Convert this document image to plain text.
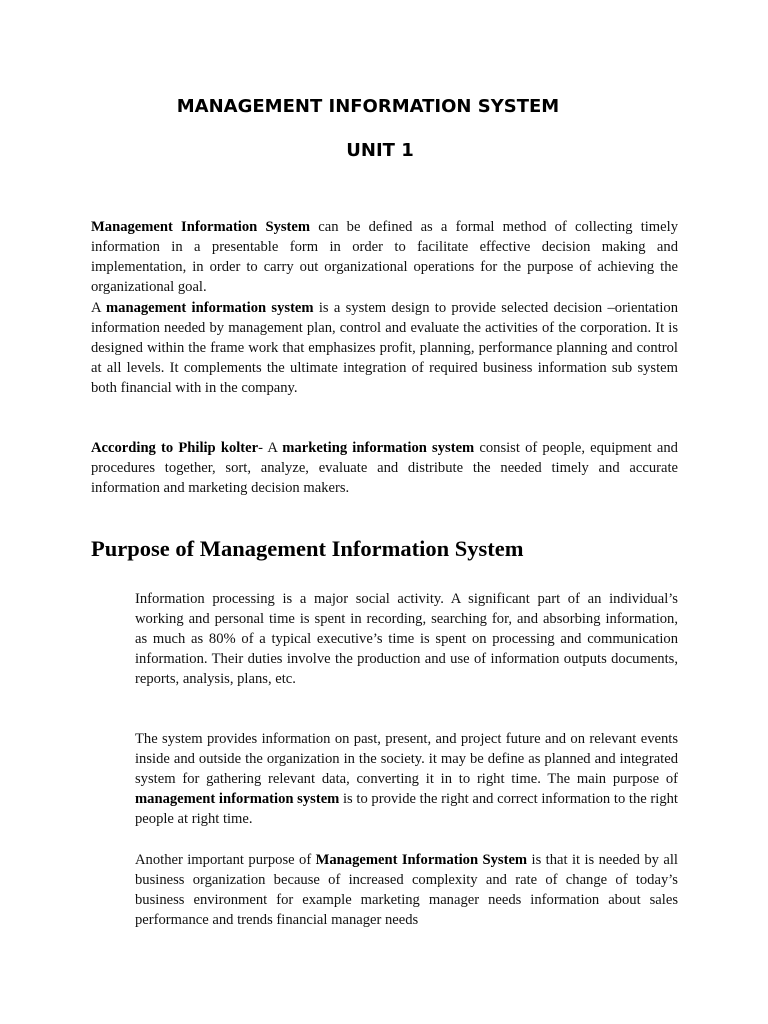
MANAGEMENT INFORMATION SYSTEM
UNIT 1

Management Information System can be defined as a formal method of collecting timely information in a presentable form in order to facilitate effective decision making and implementation, in order to carry out organizational operations for the purpose of achieving the organizational goal.

A management information system is a system design to provide selected decision –orientation information needed by management plan, control and evaluate the activities of the corporation. It is designed within the frame work that emphasizes profit, planning, performance planning and control at all levels. It complements the ultimate integration of required business information sub system both financial with in the company.

According to Philip kolter- A marketing information system consist of people, equipment and procedures together, sort, analyze, evaluate and distribute the needed timely and accurate information and marketing decision makers.

Purpose of Management Information System

Information processing is a major social activity. A significant part of an individual’s working and personal time is spent in recording, searching for, and absorbing information, as much as 80% of a typical executive’s time is spent on processing and communication information. Their duties involve the production and use of information outputs documents, reports, analysis, plans, etc.

The system provides information on past, present, and project future and on relevant events inside and outside the organization in the society. it may be define as planned and integrated system for gathering relevant data, converting it in to right time. The main purpose of management information system is to provide the right and correct information to the right people at right time.

Another important purpose of Management Information System is that it is needed by all business organization because of increased complexity and rate of change of today’s business environment for example marketing manager needs information about sales performance and trends financial manager needs
